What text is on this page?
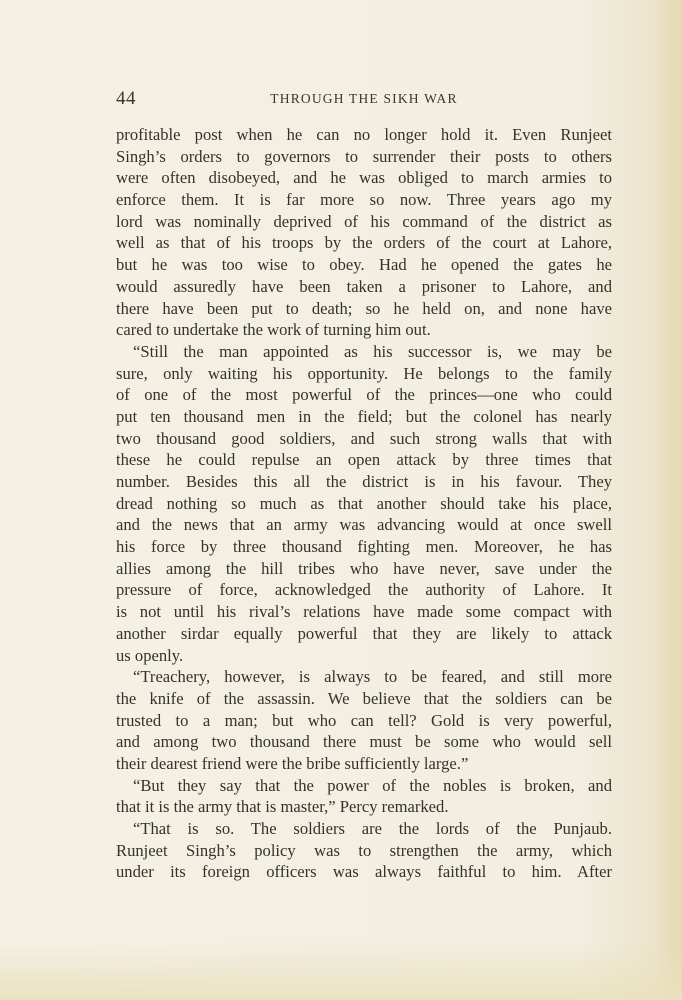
44	THROUGH THE SIKH WAR
profitable post when he can no longer hold it. Even Runjeet
Singh’s orders to governors to surrender their posts to others
were often disobeyed, and he was obliged to march armies to
enforce them. It is far more so now. Three years ago my
lord was nominally deprived of his command of the district as
well as that of his troops by the orders of the court at Lahore,
but he was too wise to obey. Had he opened the gates he
would assuredly have been taken a prisoner to Lahore, and
there have been put to death; so he held on, and none have
cared to undertake the work of turning him out.
“Still the man appointed as his successor is, we may be
sure, only waiting his opportunity. He belongs to the family
of one of the most powerful of the princes—one who could
put ten thousand men in the field; but the colonel has nearly
two thousand good soldiers, and such strong walls that with
these he could repulse an open attack by three times that
number. Besides this all the district is in his favour. They
dread nothing so much as that another should take his place,
and the news that an army was advancing would at once swell
his force by three thousand fighting men. Moreover, he has
allies among the hill tribes who have never, save under the
pressure of force, acknowledged the authority of Lahore. It
is not until his rival’s relations have made some compact with
another sirdar equally powerful that they are likely to attack
us openly.
“Treachery, however, is always to be feared, and still more
the knife of the assassin. We believe that the soldiers can be
trusted to a man; but who can tell? Gold is very powerful,
and among two thousand there must be some who would sell
their dearest friend were the bribe sufficiently large.”
“But they say that the power of the nobles is broken, and
that it is the army that is master,” Percy remarked.
“That is so. The soldiers are the lords of the Punjaub.
Runjeet Singh’s policy was to strengthen the army, which
under its foreign officers was always faithful to him. After
